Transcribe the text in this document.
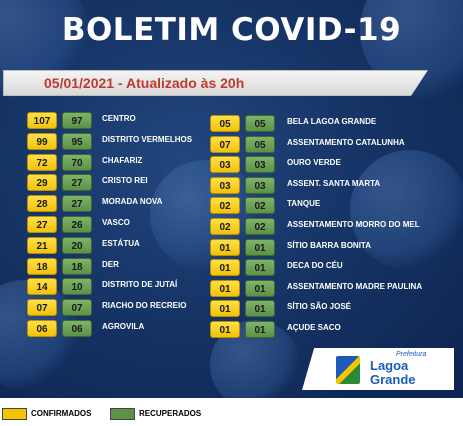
BOLETIM COVID-19
05/01/2021 - Atualizado às 20h
107	97	CENTRO
99	95	DISTRITO VERMELHOS
72	70	CHAFARIZ
29	27	CRISTO REI
28	27	MORADA NOVA
27	26	VASCO
21	20	ESTÁTUA
18	18	DER
14	10	DISTRITO DE JUTAÍ
07	07	RIACHO DO RECREIO
06	06	AGROVILA
05	05	BELA LAGOA GRANDE
07	05	ASSENTAMENTO CATALUNHA
03	03	OURO VERDE
03	03	ASSENT. SANTA MARTA
02	02	TANQUE
02	02	ASSENTAMENTO MORRO DO MEL
01	01	SÍTIO BARRA BONITA
01	01	DECA DO CÉU
01	01	ASSENTAMENTO MADRE PAULINA
01	01	SÍTIO SÃO JOSÉ
01	01	AÇUDE SACO
Prefeitura
Lagoa
Grande
CONFIRMADOS	RECUPERADOS
